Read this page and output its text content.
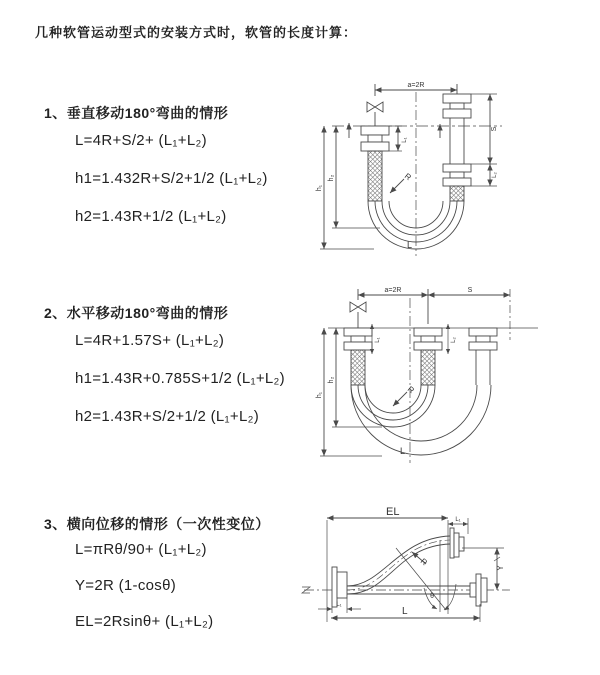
几种软管运动型式的安装方式时，软管的长度计算：
1、垂直移动180°弯曲的情形
L=4R+S/2+ (L₁+L₂)
h1=1.432R+S/2+1/2 (L₁+L₂)
h2=1.43R+1/2 (L₁+L₂)
a=2R
L₁
S
L₂
h₁
h₂	R
L
2、水平移动180°弯曲的情形
L=4R+1.57S+ (L₁+L₂)
h1=1.43R+0.785S+1/2 (L₁+L₂)
h2=1.43R+S/2+1/2 (L₁+L₂)
a=2R	S
L₁	L₂
h₁
h₂
R
L
3、横向位移的情形（一次性变位）
L=πRθ/90+ (L₁+L₂)
Y=2R (1-cosθ)
EL=2Rsinθ+ (L₁+L₂)
EL
L₁
Y
R
θ
L
L₁
